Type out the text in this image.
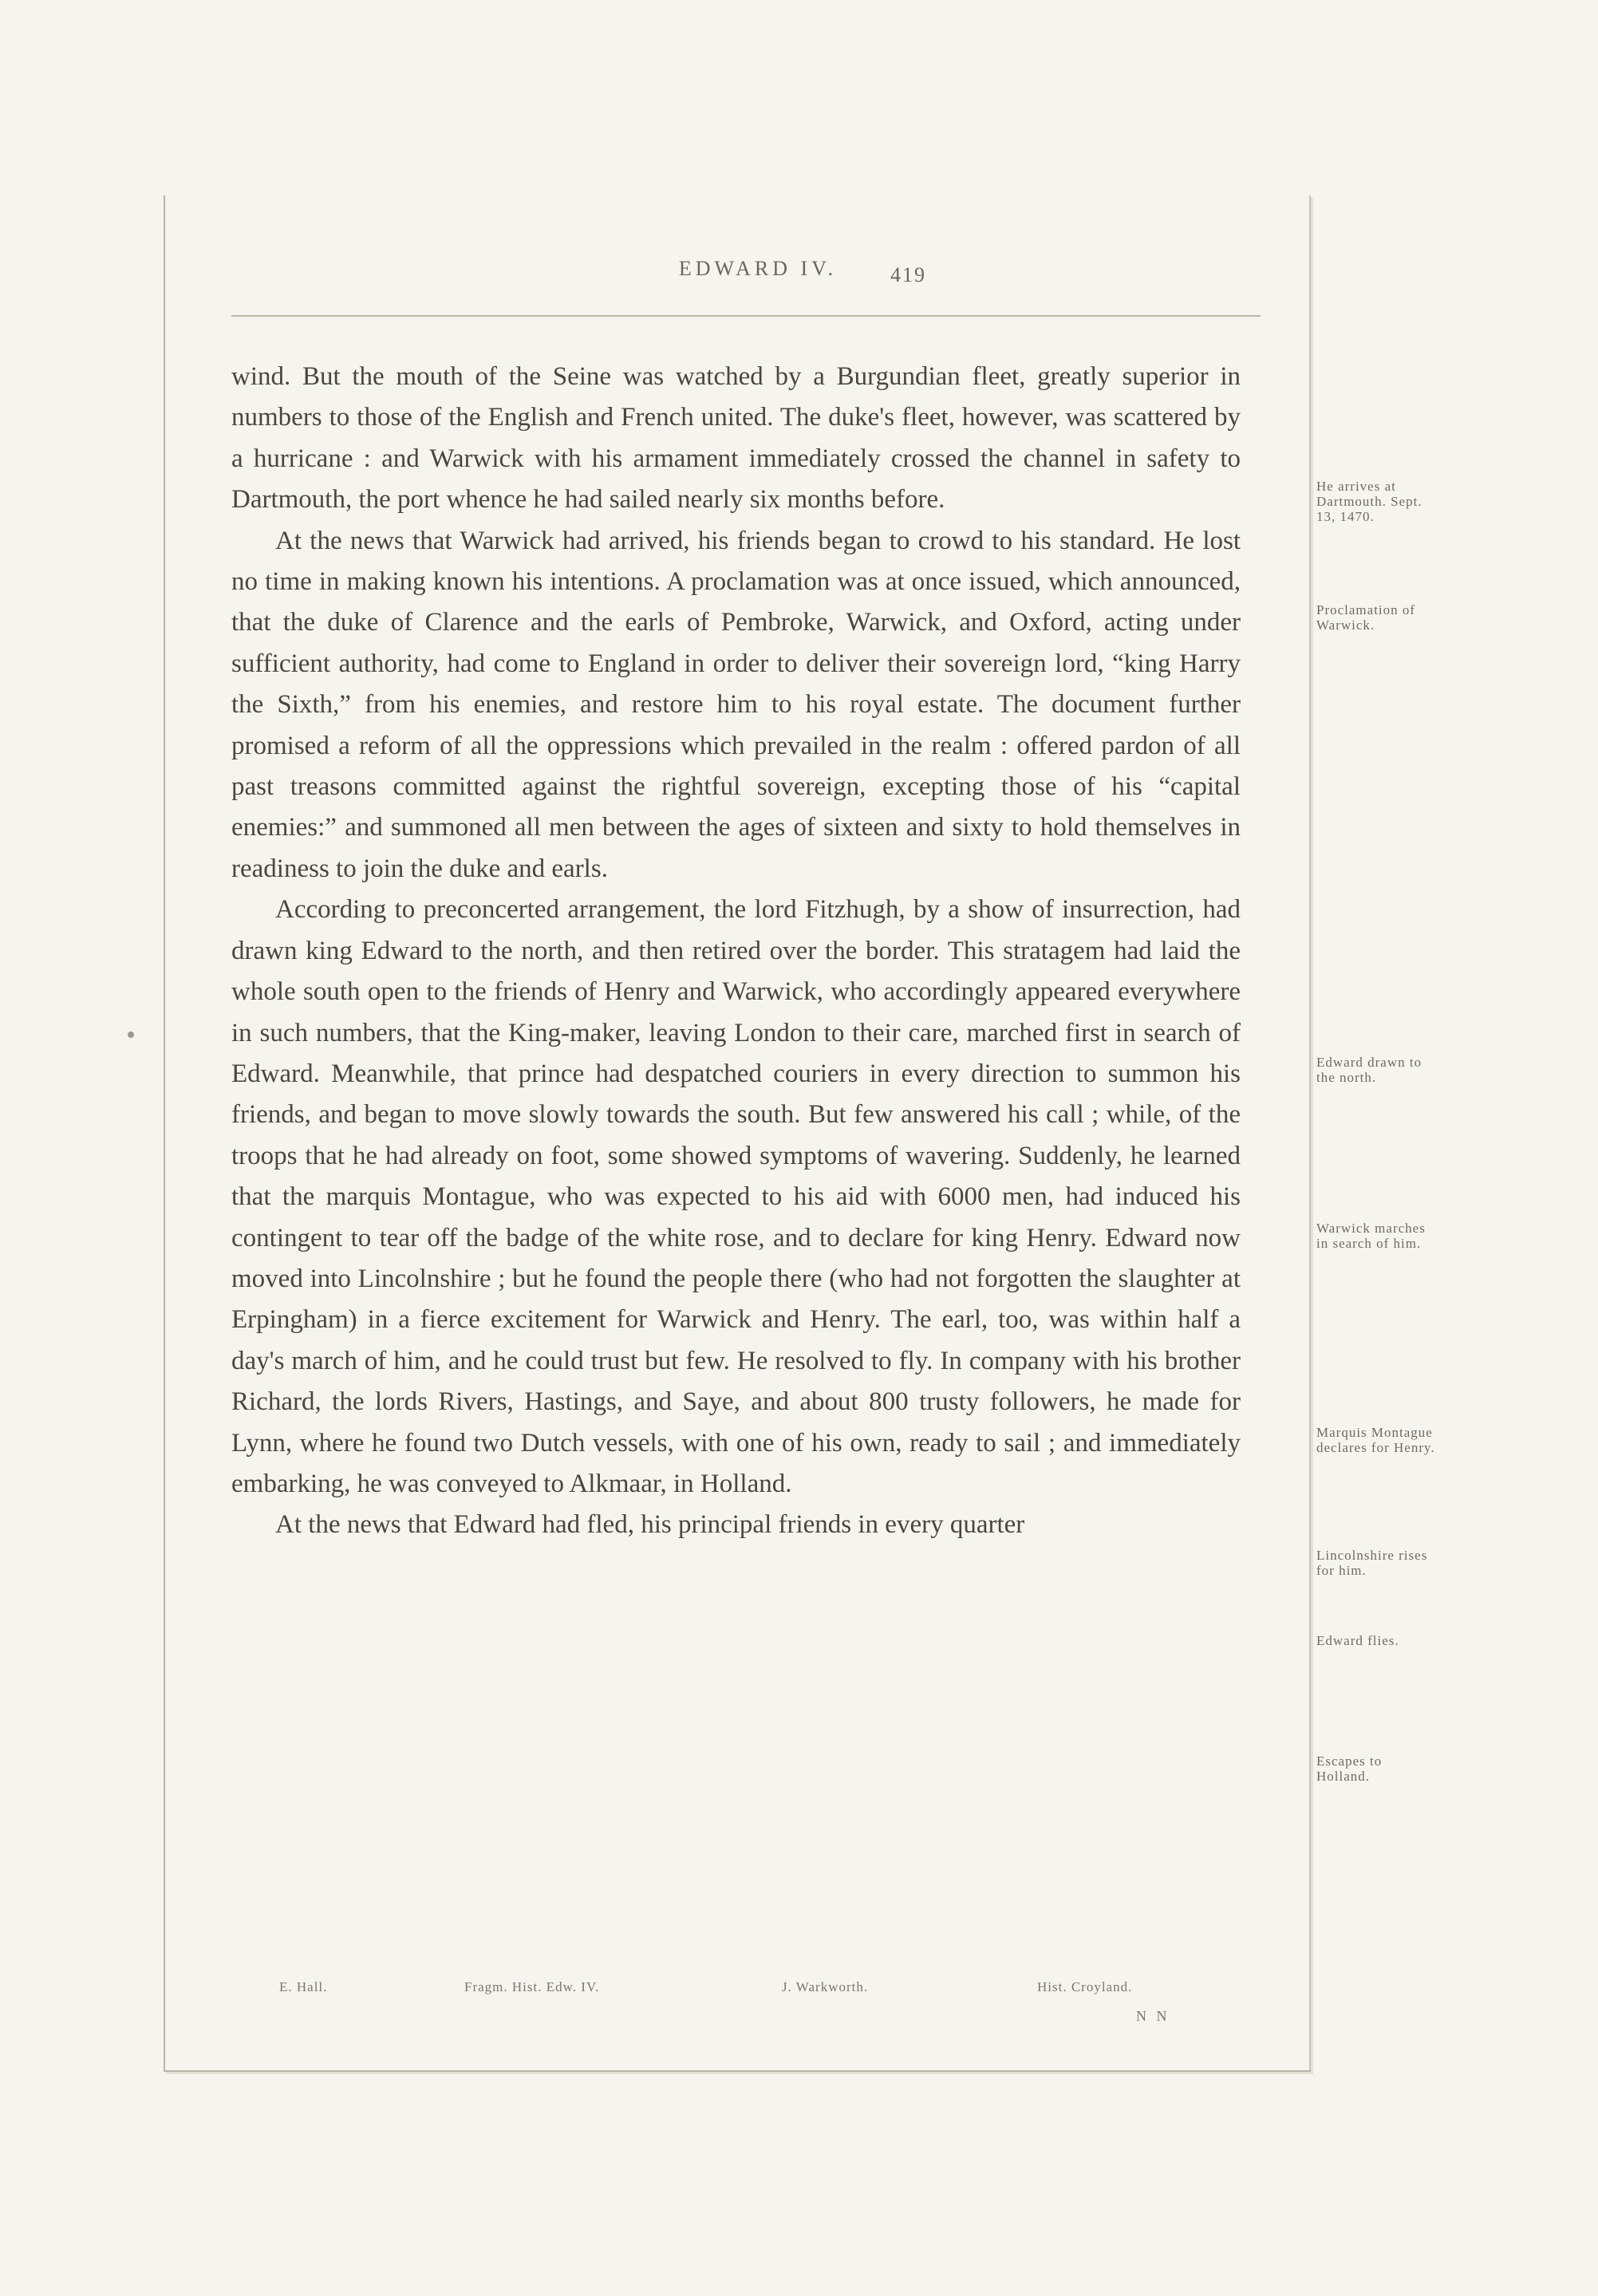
EDWARD IV.	419

wind. But the mouth of the Seine was watched by a Burgundian fleet, greatly superior in numbers to those of the English and French united. The duke's fleet, however, was scattered by a hurricane : and Warwick with his armament immediately crossed the channel in safety to Dartmouth, the port whence he had sailed nearly six months before.

At the news that Warwick had arrived, his friends began to crowd to his standard. He lost no time in making known his intentions. A proclamation was at once issued, which announced, that the duke of Clarence and the earls of Pembroke, Warwick, and Oxford, acting under sufficient authority, had come to England in order to deliver their sovereign lord, “king Harry the Sixth,” from his enemies, and restore him to his royal estate. The document further promised a reform of all the oppressions which prevailed in the realm : offered pardon of all past treasons committed against the rightful sovereign, excepting those of his “capital enemies:” and summoned all men between the ages of sixteen and sixty to hold themselves in readiness to join the duke and earls.

According to preconcerted arrangement, the lord Fitzhugh, by a show of insurrection, had drawn king Edward to the north, and then retired over the border. This stratagem had laid the whole south open to the friends of Henry and Warwick, who accordingly appeared everywhere in such numbers, that the King-maker, leaving London to their care, marched first in search of Edward. Meanwhile, that prince had despatched couriers in every direction to summon his friends, and began to move slowly towards the south. But few answered his call ; while, of the troops that he had already on foot, some showed symptoms of wavering. Suddenly, he learned that the marquis Montague, who was expected to his aid with 6000 men, had induced his contingent to tear off the badge of the white rose, and to declare for king Henry. Edward now moved into Lincolnshire ; but he found the people there (who had not forgotten the slaughter at Erpingham) in a fierce excitement for Warwick and Henry. The earl, too, was within half a day's march of him, and he could trust but few. He resolved to fly. In company with his brother Richard, the lords Rivers, Hastings, and Saye, and about 800 trusty followers, he made for Lynn, where he found two Dutch vessels, with one of his own, ready to sail ; and immediately embarking, he was conveyed to Alkmaar, in Holland.

At the news that Edward had fled, his principal friends in every quarter

He arrives at Dartmouth. Sept. 13, 1470.
Proclamation of Warwick.
Edward drawn to the north.
Warwick marches in search of him.
Marquis Montague declares for Henry.
Lincolnshire rises for him.
Edward flies.
Escapes to Holland.
E. Hall.	Fragm. Hist. Edw. IV.	J. Warkworth.	Hist. Croyland.
N N
